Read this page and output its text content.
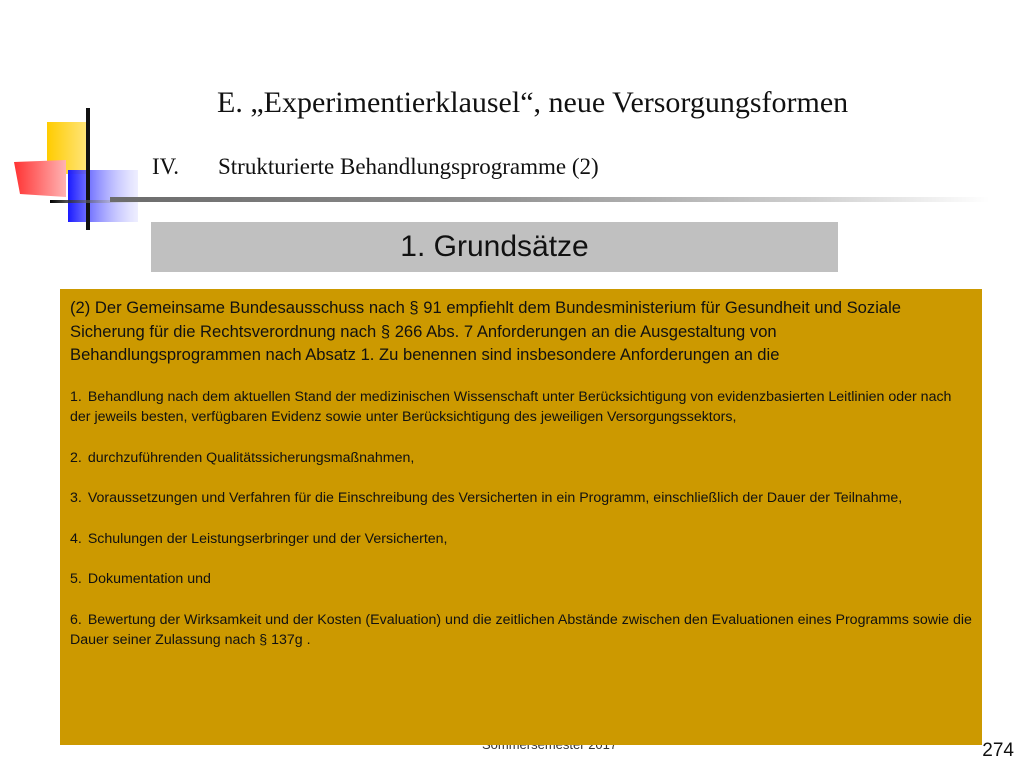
E. „Experimentierklausel“, neue Versorgungsformen
IV. Strukturierte Behandlungsprogramme (2)
1. Grundsätze
274

(2) Der Gemeinsame Bundesausschuss nach § 91 empfiehlt dem Bundesministerium für Gesundheit und Soziale Sicherung für die Rechtsverordnung nach § 266 Abs. 7 Anforderungen an die Ausgestaltung von Behandlungsprogrammen nach Absatz 1. Zu benennen sind insbesondere Anforderungen an die

1. Behandlung nach dem aktuellen Stand der medizinischen Wissenschaft unter Berücksichtigung von evidenzbasierten Leitlinien oder nach der jeweils besten, verfügbaren Evidenz sowie unter Berücksichtigung des jeweiligen Versorgungssektors,

2. durchzuführenden Qualitätssicherungsmaßnahmen,

3. Voraussetzungen und Verfahren für die Einschreibung des Versicherten in ein Programm, einschließlich der Dauer der Teilnahme,

4. Schulungen der Leistungserbringer und der Versicherten,

5. Dokumentation und

6. Bewertung der Wirksamkeit und der Kosten (Evaluation) und die zeitlichen Abstände zwischen den Evaluationen eines Programms sowie die Dauer seiner Zulassung nach § 137g .
